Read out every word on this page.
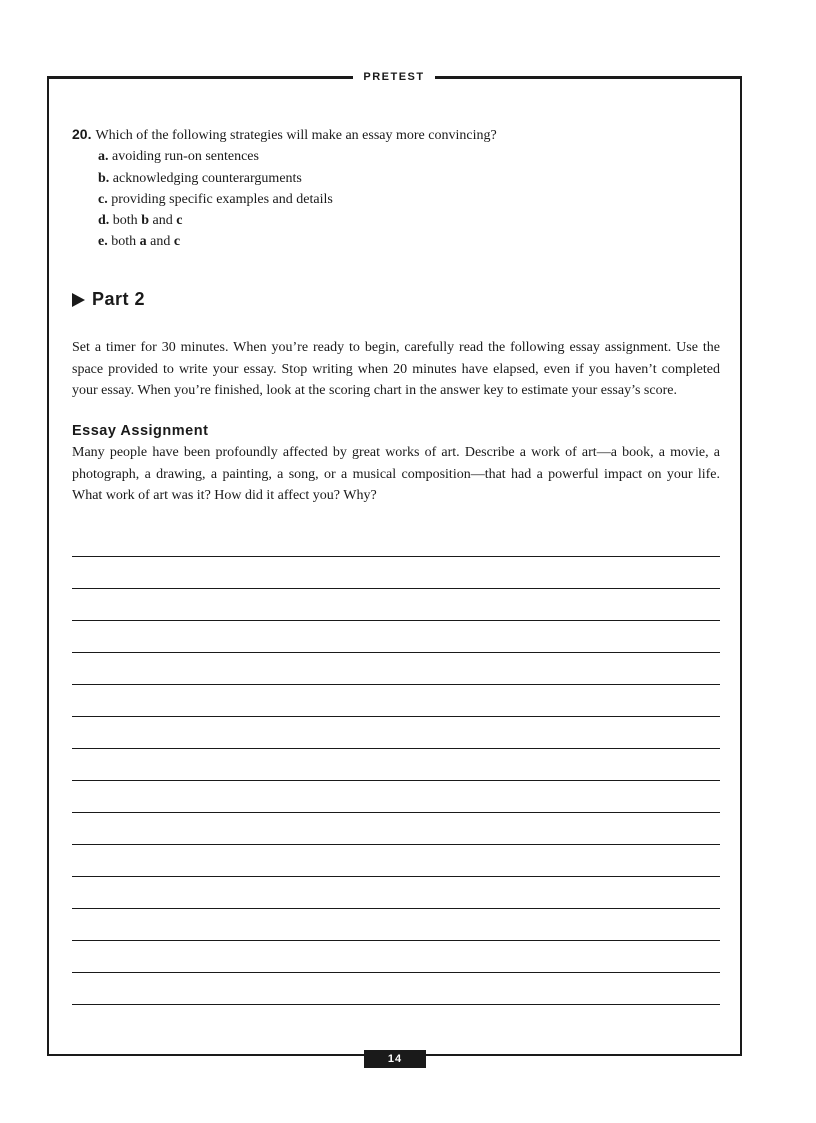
PRETEST
20. Which of the following strategies will make an essay more convincing?
a. avoiding run-on sentences
b. acknowledging counterarguments
c. providing specific examples and details
d. both b and c
e. both a and c
Part 2
Set a timer for 30 minutes. When you’re ready to begin, carefully read the following essay assignment. Use the space provided to write your essay. Stop writing when 20 minutes have elapsed, even if you haven’t completed your essay. When you’re finished, look at the scoring chart in the answer key to estimate your essay’s score.
Essay Assignment
Many people have been profoundly affected by great works of art. Describe a work of art—a book, a movie, a photograph, a drawing, a painting, a song, or a musical composition—that had a powerful impact on your life. What work of art was it? How did it affect you? Why?
14
